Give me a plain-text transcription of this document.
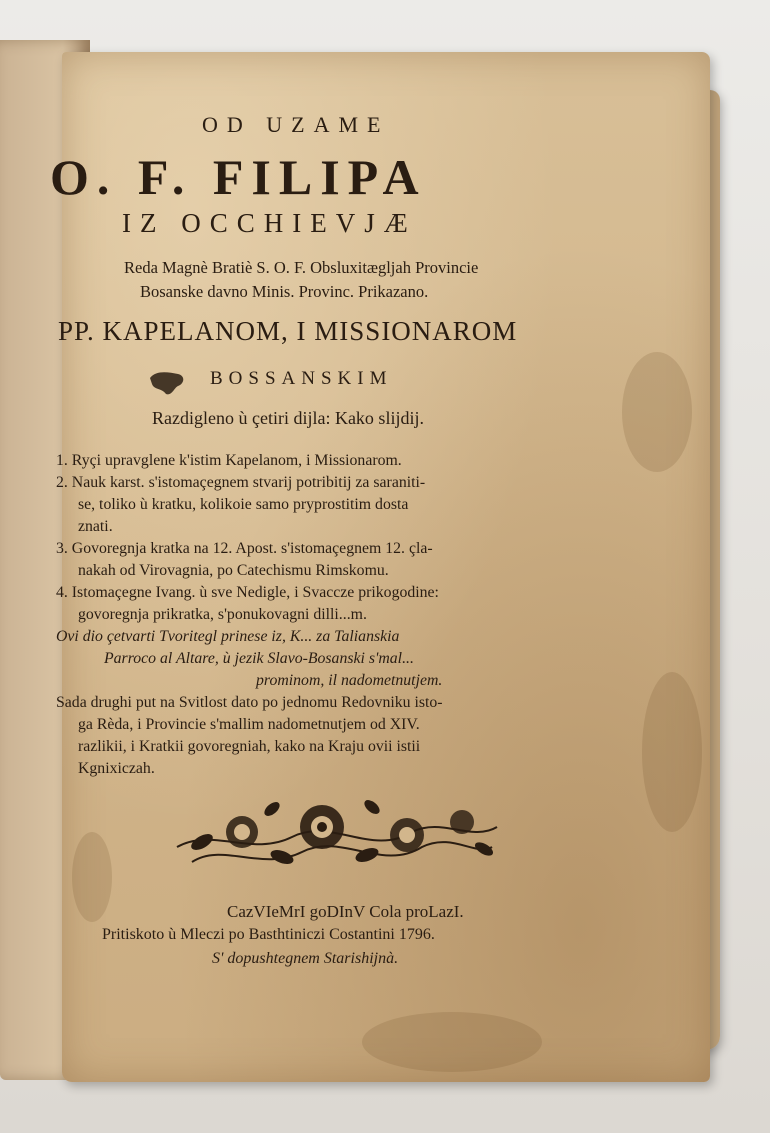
OD UZAME
O. F. FILIPA
IZ OCCHIEVJÆ
Reda Magnè Bratiè S. O. F. Obsluxitægljah Provincie
Bosanske davno Minis. Provinc. Prikazano.
PP. KAPELANOM, I MISSIONAROM
BOSSANSKIM
Razdigleno ù çetiri dijla: Kako slijdij.
1. Ryçi upravglene k'istim Kapelanom, i Missionarom.
2. Nauk karst. s'istomaçegnem stvarij potribitij za saraniti-
se, toliko ù kratku, kolikoie samo pryprostitim dosta
znati.
3. Govoregnja kratka na 12. Apost. s'istomaçegnem 12. çla-
nakah od Virovagnia, po Catechismu Rimskomu.
4. Istomaçegne Ivang. ù sve Nedigle, i Svaccze prikogodine:
govoregnja prikratka, s'ponukovagni dilli...m.
Ovi dio çetvarti Tvoritegl prinese iz, K... za Talianskia
Parroco al Altare, ù jezik Slavo-Bosanski s'mal...
prominom, il nadometnutjem.
Sada drughi put na Svitlost dato po jednomu Redovniku isto-
ga Rèda, i Provincie s'mallim nadometnutjem od XIV.
razlikii, i Kratkii govoregniah, kako na Kraju ovii istii
Kgnixiczah.
CazVIeMrI goDInV Cola proLazI.
Pritiskoto ù Mleczi po Basthtiniczi Costantini 1796.
S' dopushtegnem Starishijnà.
